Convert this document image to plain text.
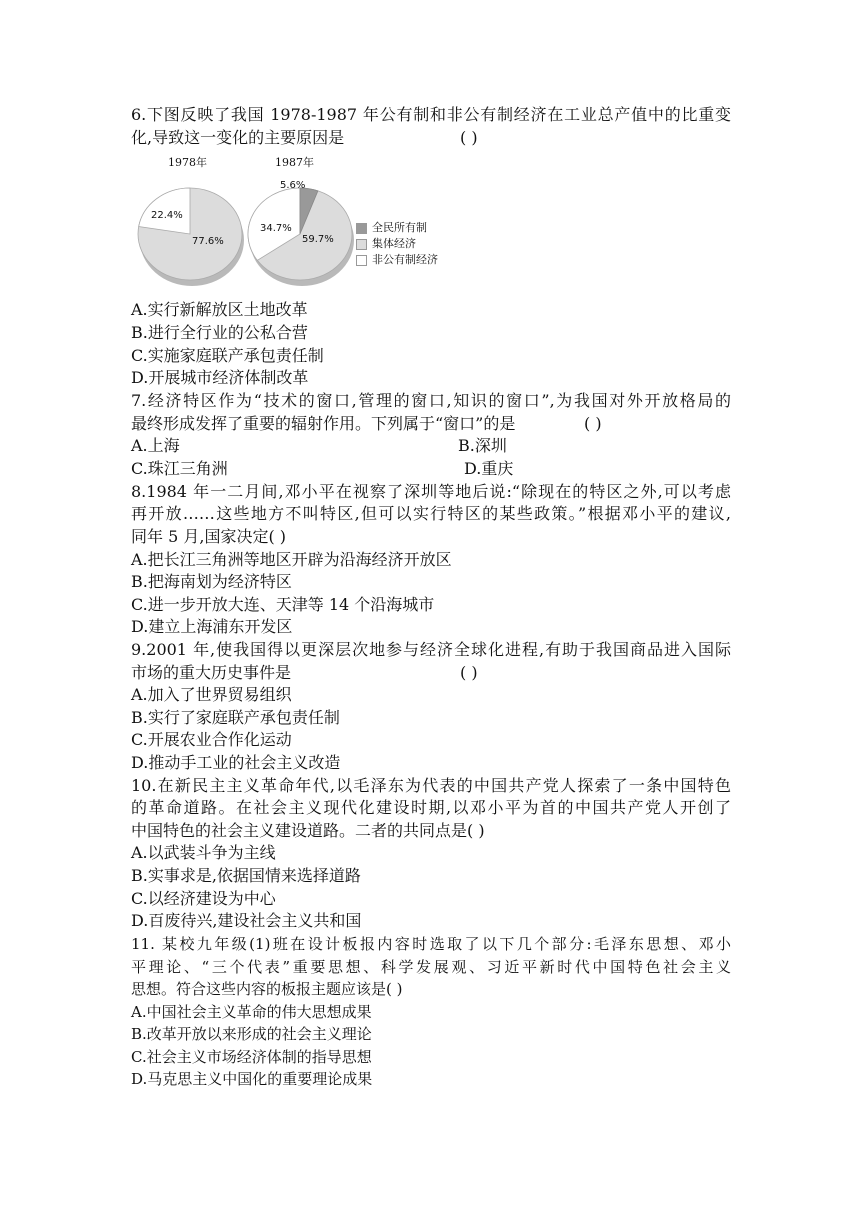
6.下图反映了我国 1978-1987 年公有制和非公有制经济在工业总产值中的比重变
化,导致这一变化的主要原因是	( )
1978年	1987年
22.4%
77.6%
5.6%
34.7%
59.7%
全民所有制
集体经济
非公有制经济
A.实行新解放区土地改革
B.进行全行业的公私合营
C.实施家庭联产承包责任制
D.开展城市经济体制改革
7.经济特区作为“技术的窗口,管理的窗口,知识的窗口”,为我国对外开放格局的
最终形成发挥了重要的辐射作用。下列属于“窗口”的是	( )
A.上海	B.深圳
C.珠江三角洲	D.重庆
8.1984 年一二月间,邓小平在视察了深圳等地后说:“除现在的特区之外,可以考虑
再开放……这些地方不叫特区,但可以实行特区的某些政策。”根据邓小平的建议,
同年 5 月,国家决定( )
A.把长江三角洲等地区开辟为沿海经济开放区
B.把海南划为经济特区
C.进一步开放大连、天津等 14 个沿海城市
D.建立上海浦东开发区
9.2001 年,使我国得以更深层次地参与经济全球化进程,有助于我国商品进入国际
市场的重大历史事件是	( )
A.加入了世界贸易组织
B.实行了家庭联产承包责任制
C.开展农业合作化运动
D.推动手工业的社会主义改造
10.在新民主主义革命年代,以毛泽东为代表的中国共产党人探索了一条中国特色
的革命道路。在社会主义现代化建设时期,以邓小平为首的中国共产党人开创了
中国特色的社会主义建设道路。二者的共同点是( )
A.以武装斗争为主线
B.实事求是,依据国情来选择道路
C.以经济建设为中心
D.百废待兴,建设社会主义共和国
11. 某校九年级(1)班在设计板报内容时选取了以下几个部分:毛泽东思想、邓小
平理论、“三个代表”重要思想、科学发展观、习近平新时代中国特色社会主义
思想。符合这些内容的板报主题应该是( )
A.中国社会主义革命的伟大思想成果
B.改革开放以来形成的社会主义理论
C.社会主义市场经济体制的指导思想
D.马克思主义中国化的重要理论成果
